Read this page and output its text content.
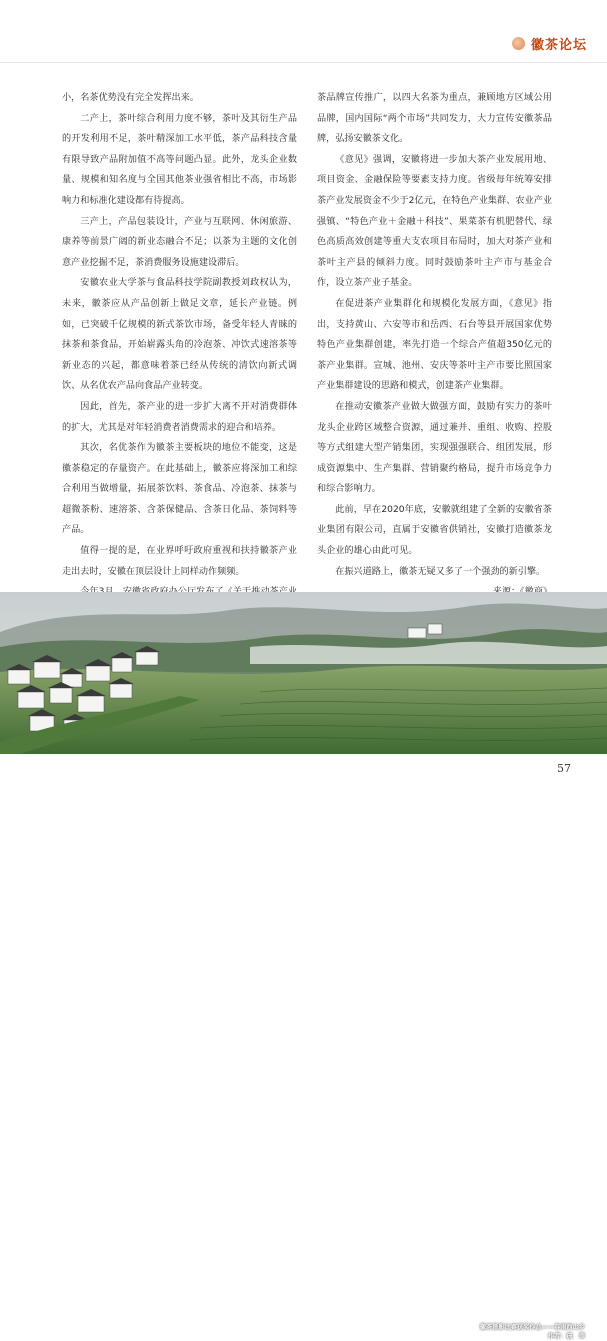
徽茶论坛

小，名茶优势没有完全发挥出来。

二产上，茶叶综合利用力度不够，茶叶及其衍生产品的开发利用不足，茶叶精深加工水平低，茶产品科技含量有限导致产品附加值不高等问题凸显。此外，龙头企业数量、规模和知名度与全国其他茶业强省相比不高，市场影响力和标准化建设都有待提高。

三产上，产品包装设计，产业与互联网、休闲旅游、康养等前景广阔的新业态融合不足；以茶为主题的文化创意产业挖掘不足，茶消费服务设施建设滞后。

安徽农业大学茶与食品科技学院副教授刘政权认为，未来，徽茶应从产品创新上做足文章，延长产业链。例如，已突破千亿规模的新式茶饮市场，备受年轻人青睐的抹茶和茶食品，开始崭露头角的冷泡茶、冲饮式速溶茶等新业态的兴起，都意味着茶已经从传统的清饮向新式调饮、从名优农产品向食品产业转变。

因此，首先，茶产业的进一步扩大离不开对消费群体的扩大，尤其是对年轻消费者消费需求的迎合和培养。

其次，名优茶作为徽茶主要板块的地位不能变，这是徽茶稳定的存量资产。在此基础上，徽茶应将深加工和综合利用当做增量，拓展茶饮料、茶食品、冷泡茶、抹茶与超微茶粉、速溶茶、含茶保健品、含茶日化品、茶饲料等产品。

值得一提的是，在业界呼吁政府重视和扶持徽茶产业走出去时，安徽在顶层设计上同样动作频频。

茶品牌宣传推广，以四大名茶为重点，兼顾地方区域公用品牌，国内国际“两个市场”共同发力，大力宣传安徽茶品牌，弘扬安徽茶文化。

《意见》强调，安徽将进一步加大茶产业发展用地、项目资金、金融保险等要素支持力度。省级每年统筹安排茶产业发展资金不少于2亿元，在特色产业集群、农业产业强镇、“特色产业＋金融＋科技”、果菜茶有机肥替代、绿色高质高效创建等重大支农项目布局时，加大对茶产业和茶叶主产县的倾斜力度。同时鼓励茶叶主产市与基金合作，设立茶产业子基金。

在促进茶产业集群化和规模化发展方面，《意见》指出，支持黄山、六安等市和岳西、石台等县开展国家优势特色产业集群创建，率先打造一个综合产值超350亿元的茶产业集群。宣城、池州、安庆等茶叶主产市要比照国家产业集群建设的思路和模式，创建茶产业集群。

在推动安徽茶产业做大做强方面，鼓励有实力的茶叶龙头企业跨区域整合资源，通过兼并、重组、收购、控股等方式组建大型产销集团，实现强强联合、组团发展，形成资源集中、生产集群、营销聚约格局，提升市场竞争力和综合影响力。

此前，早在2020年底，安徽就组建了全新的安徽省茶业集团有限公司，直属于安徽省供销社，安徽打造徽茶龙头企业的雄心由此可见。

在振兴道路上，徽茶无疑又多了一个强劲的新引擎。

徽茶摄影比赛获奖作品——春雨西山乡
作者：疏　翠
57
